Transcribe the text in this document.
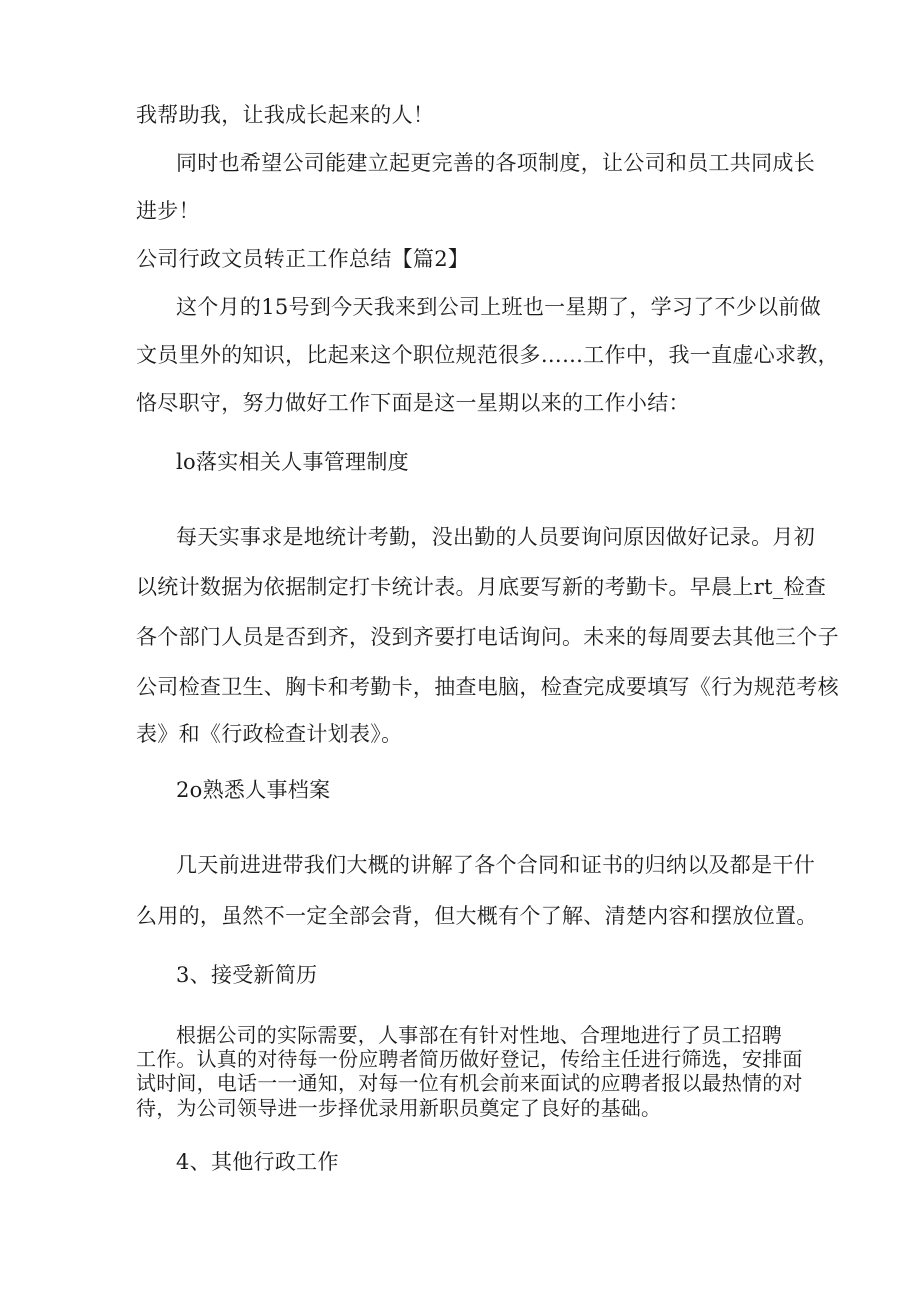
我帮助我，让我成长起来的人！
同时也希望公司能建立起更完善的各项制度，让公司和员工共同成长
进步！
公司行政文员转正工作总结【篇2】
这个月的15号到今天我来到公司上班也一星期了，学习了不少以前做
文员里外的知识，比起来这个职位规范很多……工作中，我一直虚心求教，
恪尽职守，努力做好工作下面是这一星期以来的工作小结：
lo落实相关人事管理制度
每天实事求是地统计考勤，没出勤的人员要询问原因做好记录。月初
以统计数据为依据制定打卡统计表。月底要写新的考勤卡。早晨上rt_检查
各个部门人员是否到齐，没到齐要打电话询问。未来的每周要去其他三个子
公司检查卫生、胸卡和考勤卡，抽查电脑，检查完成要填写《行为规范考核
表》和《行政检查计划表》。
2o熟悉人事档案
几天前进进带我们大概的讲解了各个合同和证书的归纳以及都是干什
么用的，虽然不一定全部会背，但大概有个了解、清楚内容和摆放位置。
3、接受新简历
根据公司的实际需要，人事部在有针对性地、合理地进行了员工招聘
工作。认真的对待每一份应聘者简历做好登记，传给主任进行筛选，安排面
试时间，电话一一通知，对每一位有机会前来面试的应聘者报以最热情的对
待，为公司领导进一步择优录用新职员奠定了良好的基础。
4、其他行政工作
